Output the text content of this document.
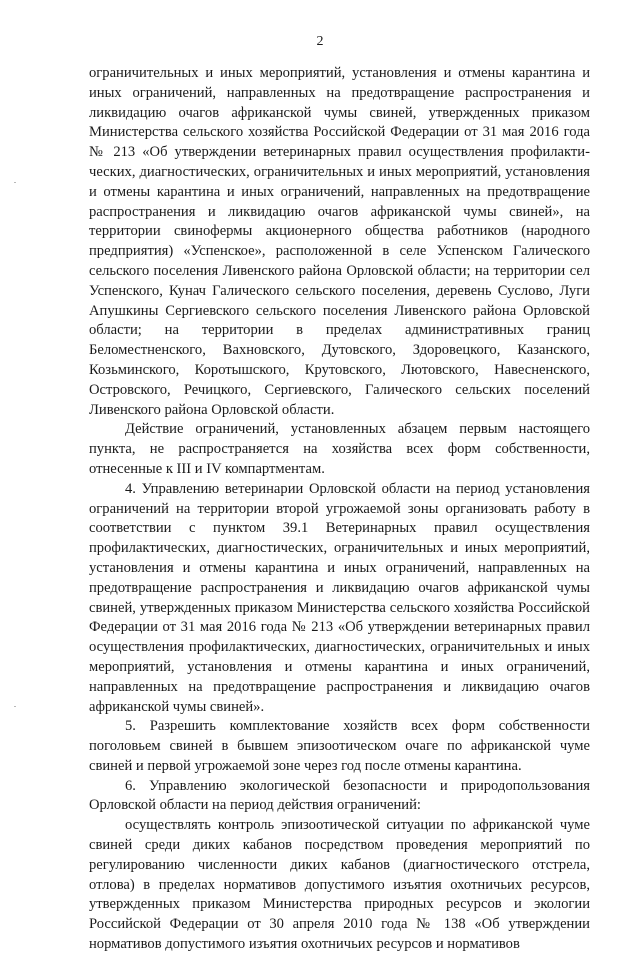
2

ограничительных и иных мероприятий, установления и отмены карантина и иных ограничений, направленных на предотвращение распространения и ликвидацию очагов африканской чумы свиней, утвержденных приказом Министерства сельского хозяйства Российской Федерации от 31 мая 2016 года № 213 «Об утверждении ветеринарных правил осуществления профилактических, диагностических, ограничительных и иных мероприятий, установления и отмены карантина и иных ограничений, направленных на предотвращение распространения и ликвидацию очагов африканской чумы свиней», на территории свинофермы акционерного общества работников (народного предприятия) «Успенское», расположенной в селе Успенском Галического сельского поселения Ливенского района Орловской области; на территории сел Успенского, Кунач Галического сельского поселения, деревень Суслово, Луги Апушкины Сергиевского сельского поселения Ливенского района Орловской области; на территории в пределах административных границ Беломестненского, Вахновского, Дутовского, Здоровецкого, Казанского, Козьминского, Коротышского, Крутовского, Лютовского, Навесненского, Островского, Речицкого, Сергиевского, Галического сельских поселений Ливенского района Орловской области.

Действие ограничений, установленных абзацем первым настоящего пункта, не распространяется на хозяйства всех форм собственности, отнесенные к III и IV компартментам.

4. Управлению ветеринарии Орловской области на период установления ограничений на территории второй угрожаемой зоны организовать работу в соответствии с пунктом 39.1 Ветеринарных правил осуществления профилактических, диагностических, ограничительных и иных мероприятий, установления и отмены карантина и иных ограничений, направленных на предотвращение распространения и ликвидацию очагов африканской чумы свиней, утвержденных приказом Министерства сельского хозяйства Российской Федерации от 31 мая 2016 года № 213 «Об утверждении ветеринарных правил осуществления профилактических, диагностических, ограничительных и иных мероприятий, установления и отмены карантина и иных ограничений, направленных на предотвращение распространения и ликвидацию очагов африканской чумы свиней».

5. Разрешить комплектование хозяйств всех форм собственности поголовьем свиней в бывшем эпизоотическом очаге по африканской чуме свиней и первой угрожаемой зоне через год после отмены карантина.

6. Управлению экологической безопасности и природопользования Орловской области на период действия ограничений:

осуществлять контроль эпизоотической ситуации по африканской чуме свиней среди диких кабанов посредством проведения мероприятий по регулированию численности диких кабанов (диагностического отстрела, отлова) в пределах нормативов допустимого изъятия охотничьих ресурсов, утвержденных приказом Министерства природных ресурсов и экологии Российской Федерации от 30 апреля 2010 года № 138 «Об утверждении нормативов допустимого изъятия охотничьих ресурсов и нормативов
